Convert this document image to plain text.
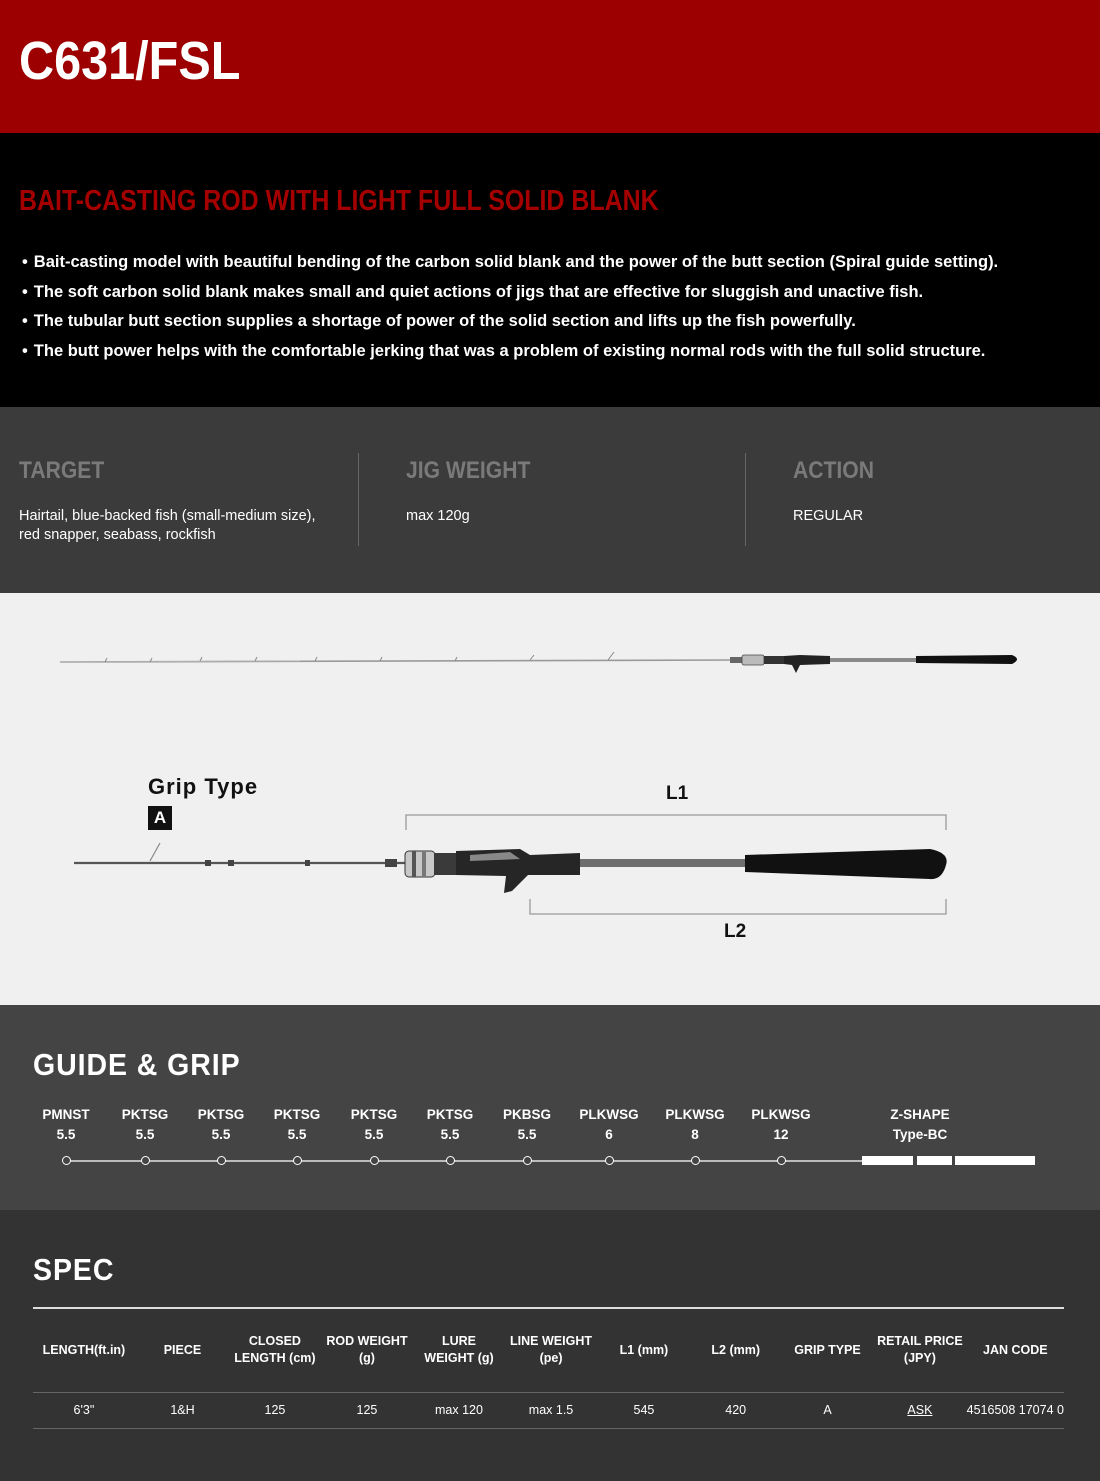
C631/FSL
BAIT-CASTING ROD WITH LIGHT FULL SOLID BLANK
• Bait-casting model with beautiful bending of the carbon solid blank and the power of the butt section (Spiral guide setting).
• The soft carbon solid blank makes small and quiet actions of jigs that are effective for sluggish and unactive fish.
• The tubular butt section supplies a shortage of power of the solid section and lifts up the fish powerfully.
• The butt power helps with the comfortable jerking that was a problem of existing normal rods with the full solid structure.
TARGET
Hairtail, blue-backed fish (small-medium size), red snapper, seabass, rockfish
JIG WEIGHT
max 120g
ACTION
REGULAR
Grip Type
A
L1
L2
GUIDE & GRIP
PMNST
5.5
PKTSG
5.5
PKTSG
5.5
PKTSG
5.5
PKTSG
5.5
PKTSG
5.5
PKBSG
5.5
PLKWSG
6
PLKWSG
8
PLKWSG
12
Z-SHAPE
Type-BC
SPEC
LENGTH(ft.in)	PIECE	CLOSED LENGTH (cm)	ROD WEIGHT (g)	LURE WEIGHT (g)	LINE WEIGHT (pe)	L1 (mm)	L2 (mm)	GRIP TYPE	RETAIL PRICE (JPY)	JAN CODE
6'3"	1&H	125	125	max 120	max 1.5	545	420	A	ASK	4516508 17074 0
